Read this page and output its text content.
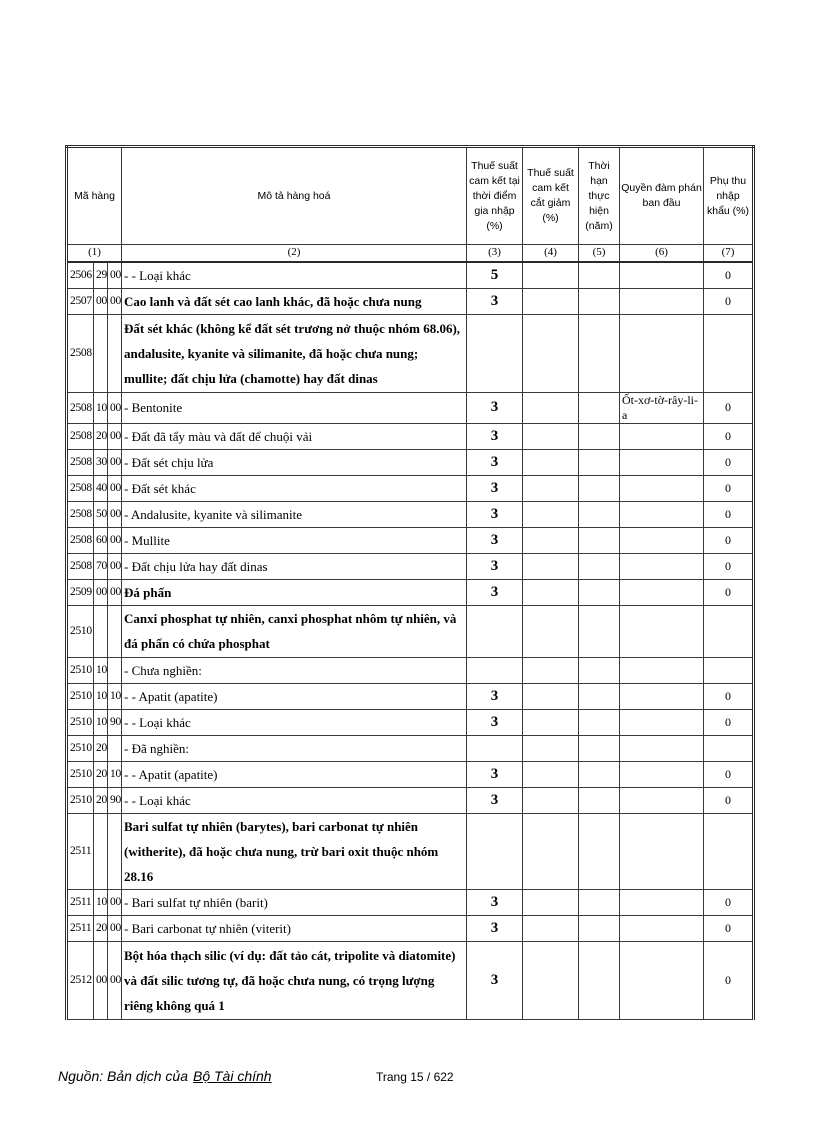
Mã hàng			Mô tả hàng hoá	Thuế suất cam kết tại thời điểm gia nhập (%)	Thuế suất cam kết cắt giảm (%)	Thời hạn thực hiện (năm)	Quyền đàm phán ban đầu	Phụ thu nhập khẩu (%)
(1)			(2)	(3)	(4)	(5)	(6)	(7)
2506	29	00	- - Loại khác	5				0
2507	00	00	Cao lanh và đất sét cao lanh khác, đã hoặc chưa nung	3				0
2508			Đất sét khác (không kể đất sét trương nở thuộc nhóm 68.06), andalusite, kyanite và silimanite, đã hoặc chưa nung; mullite; đất chịu lửa (chamotte) hay đất dinas					
2508	10	00	- Bentonite	3			Ốt-xơ-tờ-rây-li-a	0
2508	20	00	- Đất đã tẩy màu và đất để chuội vải	3				0
2508	30	00	- Đất sét chịu lửa	3				0
2508	40	00	- Đất sét khác	3				0
2508	50	00	- Andalusite, kyanite và silimanite	3				0
2508	60	00	- Mullite	3				0
2508	70	00	- Đất chịu lửa hay đất dinas	3				0
2509	00	00	Đá phấn	3				0
2510			Canxi phosphat tự nhiên, canxi phosphat nhôm tự nhiên, và đá phấn có chứa phosphat					
2510	10		- Chưa nghiền:					
2510	10	10	- - Apatit (apatite)	3				0
2510	10	90	- - Loại khác	3				0
2510	20		- Đã nghiền:					
2510	20	10	- - Apatit (apatite)	3				0
2510	20	90	- - Loại khác	3				0
2511			Bari sulfat tự nhiên (barytes), bari carbonat tự nhiên (witherite), đã hoặc chưa nung, trừ bari oxit thuộc nhóm 28.16					
2511	10	00	- Bari sulfat tự nhiên (barit)	3				0
2511	20	00	- Bari carbonat tự nhiên (viterit)	3				0
2512	00	00	Bột hóa thạch silic (ví dụ: đất tảo cát, tripolite và diatomite) và đất silic tương tự, đã hoặc chưa nung, có trọng lượng riêng không quá 1	3				0
Nguồn: Bản dịch của Bộ Tài chính	Trang 15 / 622
